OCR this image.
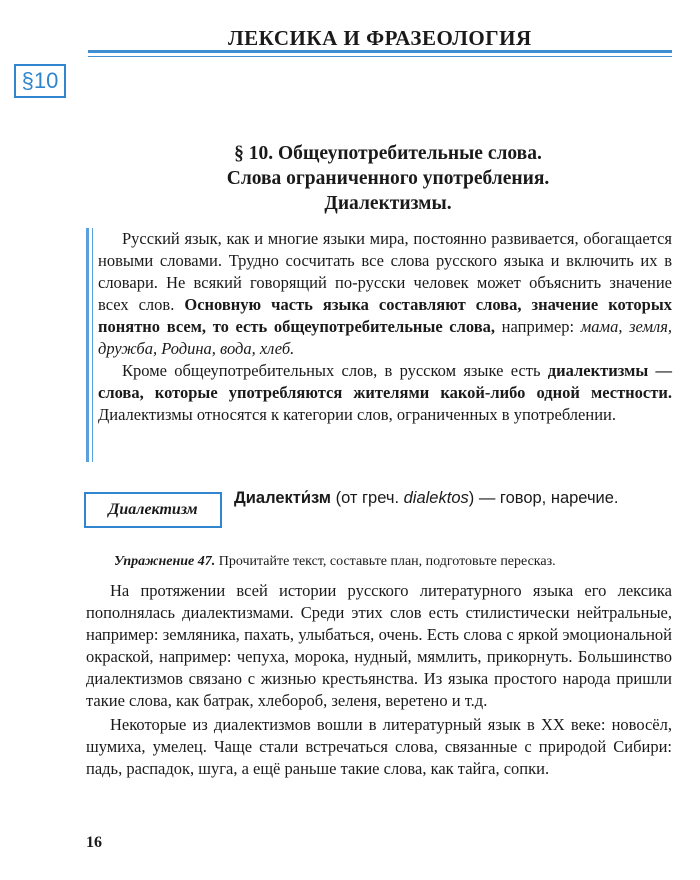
ЛЕКСИКА И ФРАЗЕОЛОГИЯ
§10
§ 10. Общеупотребительные слова.
Слова ограниченного употребления.
Диалектизмы.

Русский язык, как и многие языки мира, постоянно развивается, обогащается новыми словами. Трудно сосчитать все слова русского языка и включить их в словари. Не всякий говорящий по-русски человек может объяснить значение всех слов. Основную часть языка составляют слова, значение которых понятно всем, то есть общеупотребительные слова, например: мама, земля, дружба, Родина, вода, хлеб.

Кроме общеупотребительных слов, в русском языке есть диалектизмы — слова, которые употребляются жителями какой-либо одной местности. Диалектизмы относятся к категории слов, ограниченных в употреблении.

Диалектизм
Диалекти́зм (от греч. dialektos) — говор, наречие.
Упражнение 47. Прочитайте текст, составьте план, подготовьте пересказ.

На протяжении всей истории русского литературного языка его лексика пополнялась диалектизмами. Среди этих слов есть стилистически нейтральные, например: земляника, пахать, улыбаться, очень. Есть слова с яркой эмоциональной окраской, например: чепуха, морока, нудный, мямлить, прикорнуть. Большинство диалектизмов связано с жизнью крестьянства. Из языка простого народа пришли такие слова, как батрак, хлебороб, зеленя, веретено и т.д.

Некоторые из диалектизмов вошли в литературный язык в XX веке: новосёл, шумиха, умелец. Чаще стали встречаться слова, связанные с природой Сибири: падь, распадок, шуга, а ещё раньше такие слова, как тайга, сопки.

16
